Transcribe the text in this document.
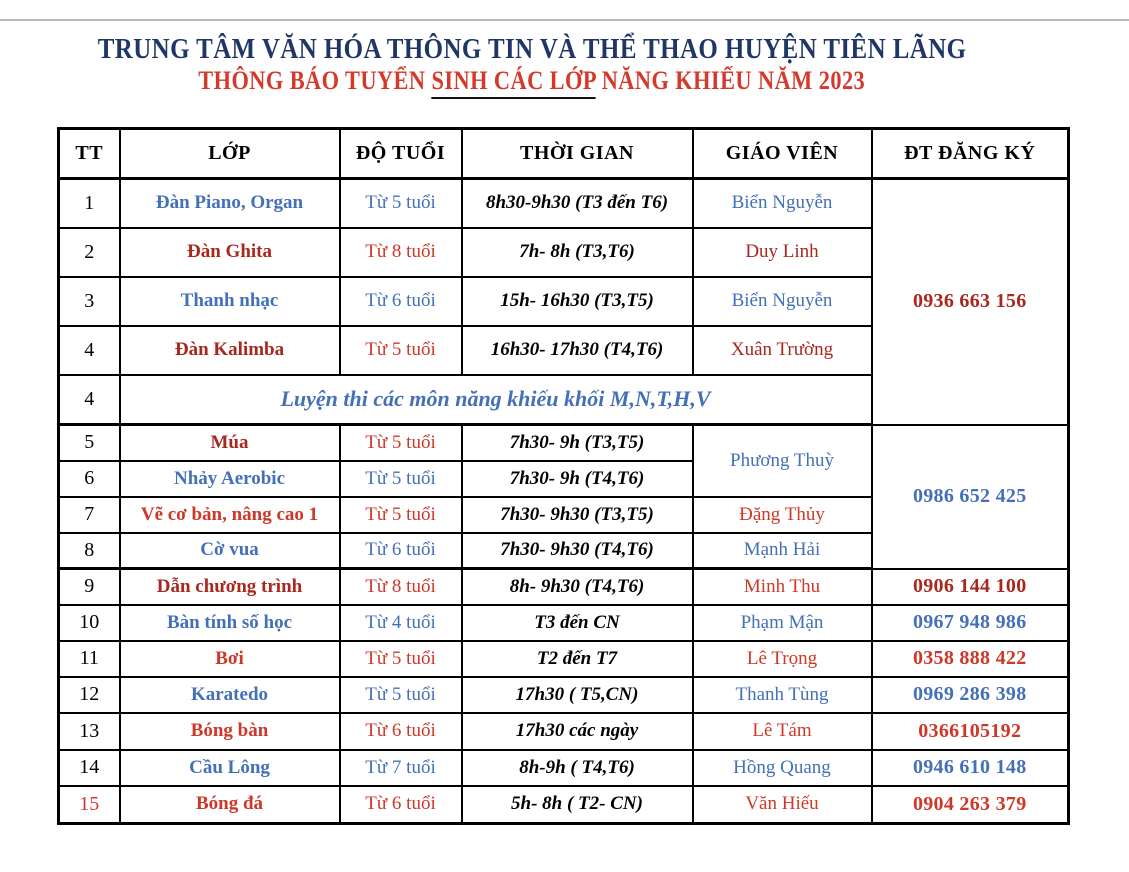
TRUNG TÂM VĂN HÓA THÔNG TIN VÀ THỂ THAO HUYỆN TIÊN LÃNG
THÔNG BÁO TUYỂN SINH CÁC LỚP NĂNG KHIẾU NĂM 2023
TT	LỚP	ĐỘ TUỔI	THỜI GIAN	GIÁO VIÊN	ĐT ĐĂNG KÝ
1	Đàn Piano, Organ	Từ 5 tuổi	8h30-9h30 (T3 đến T6)	Biển Nguyễn	0936 663 156
2	Đàn Ghita	Từ 8 tuổi	7h- 8h (T3,T6)	Duy Linh	
3	Thanh nhạc	Từ 6 tuổi	15h- 16h30 (T3,T5)	Biển Nguyễn	
4	Đàn Kalimba	Từ 5 tuổi	16h30- 17h30 (T4,T6)	Xuân Trường	
4	Luyện thi các môn năng khiếu khối M,N,T,H,V				
5	Múa	Từ 5 tuổi	7h30- 9h (T3,T5)	Phương Thuỳ	0986 652 425
6	Nhảy Aerobic	Từ 5 tuổi	7h30- 9h (T4,T6)		
7	Vẽ cơ bản, nâng cao 1	Từ 5 tuổi	7h30- 9h30 (T3,T5)	Đặng Thủy	
8	Cờ vua	Từ 6 tuổi	7h30- 9h30 (T4,T6)	Mạnh Hải	
9	Dẫn chương trình	Từ 8 tuổi	8h- 9h30 (T4,T6)	Minh Thu	0906 144 100
10	Bàn tính số học	Từ 4 tuổi	T3 đến CN	Phạm Mận	0967 948 986
11	Bơi	Từ 5 tuổi	T2 đến T7	Lê Trọng	0358 888 422
12	Karatedo	Từ 5 tuổi	17h30 ( T5,CN)	Thanh Tùng	0969 286 398
13	Bóng bàn	Từ 6 tuổi	17h30 các ngày	Lê Tám	0366105192
14	Cầu Lông	Từ 7 tuổi	8h-9h ( T4,T6)	Hồng Quang	0946 610 148
15	Bóng đá	Từ 6 tuổi	5h- 8h ( T2- CN)	Văn Hiếu	0904 263 379
